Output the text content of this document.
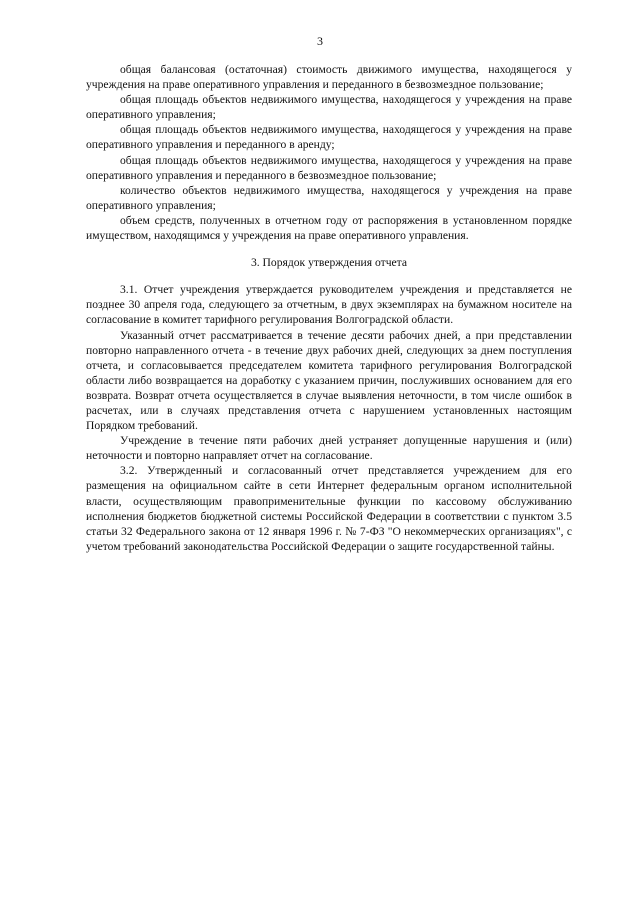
3

общая балансовая (остаточная) стоимость движимого имущества, находящегося у учреждения на праве оперативного управления и переданного в безвозмездное пользование;

общая площадь объектов недвижимого имущества, находящегося у учреждения на праве оперативного управления;

общая площадь объектов недвижимого имущества, находящегося у учреждения на праве оперативного управления и переданного в аренду;

общая площадь объектов недвижимого имущества, находящегося у учреждения на праве оперативного управления и переданного в безвозмездное пользование;

количество объектов недвижимого имущества, находящегося у учреждения на праве оперативного управления;

объем средств, полученных в отчетном году от распоряжения в установленном порядке имуществом, находящимся у учреждения на праве оперативного управления.

3. Порядок утверждения отчета

3.1. Отчет учреждения утверждается руководителем учреждения и представляется не позднее 30 апреля года, следующего за отчетным, в двух экземплярах на бумажном носителе на согласование в комитет тарифного регулирования Волгоградской области.

Указанный отчет рассматривается в течение десяти рабочих дней, а при представлении повторно направленного отчета - в течение двух рабочих дней, следующих за днем поступления отчета, и согласовывается председателем комитета тарифного регулирования Волгоградской области либо возвращается на доработку с указанием причин, послуживших основанием для его возврата. Возврат отчета осуществляется в случае выявления неточности, в том числе ошибок в расчетах, или в случаях представления отчета с нарушением установленных настоящим Порядком требований.

Учреждение в течение пяти рабочих дней устраняет допущенные нарушения и (или) неточности и повторно направляет отчет на согласование.

3.2. Утвержденный и согласованный отчет представляется учреждением для его размещения на официальном сайте в сети Интернет федеральным органом исполнительной власти, осуществляющим правоприменительные функции по кассовому обслуживанию исполнения бюджетов бюджетной системы Российской Федерации в соответствии с пунктом 3.5 статьи 32 Федерального закона от 12 января 1996 г. № 7-ФЗ "О некоммерческих организациях", с учетом требований законодательства Российской Федерации о защите государственной тайны.
